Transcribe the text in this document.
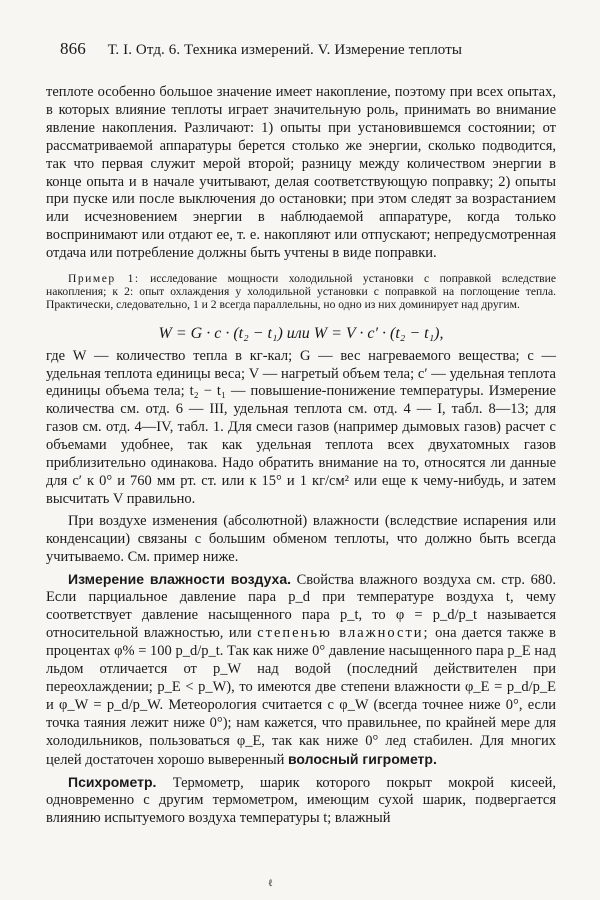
866 Т. I. Отд. 6. Техника измерений. V. Измерение теплоты

теплоте особенно большое значение имеет накопление, поэтому при всех опытах, в которых влияние теплоты играет значительную роль, принимать во внимание явление накопления. Различают: 1) опыты при установившемся состоянии; от рассматриваемой аппаратуры берется столько же энергии, сколько подводится, так что первая служит мерой второй; разницу между количеством энергии в конце опыта и в начале учитывают, делая соответствующую поправку; 2) опыты при пуске или после выключения до остановки; при этом следят за возрастанием или исчезновением энергии в наблюдаемой аппаратуре, когда только воспринимают или отдают ее, т. е. накопляют или отпускают; непредусмотренная отдача или потребление должны быть учтены в виде поправки.

Пример 1: исследование мощности холодильной установки с поправкой вследствие накопления; к 2: опыт охлаждения у холодильной установки с поправкой на поглощение тепла. Практически, следовательно, 1 и 2 всегда параллельны, но одно из них доминирует над другим.

W = G · c · (t₂ − t₁) или W = V · c′ · (t₂ − t₁),

где W — количество тепла в кг-кал; G — вес нагреваемого вещества; c — удельная теплота единицы веса; V — нагретый объем тела; c′ — удельная теплота единицы объема тела; t₂ − t₁ — повышение-понижение температуры. Измерение количества см. отд. 6 — III, удельная теплота см. отд. 4 — I, табл. 8—13; для газов см. отд. 4—IV, табл. 1. Для смеси газов (например дымовых газов) расчет с объемами удобнее, так как удельная теплота всех двухатомных газов приблизительно одинакова. Надо обратить внимание на то, относятся ли данные для c′ к 0° и 760 мм рт. ст. или к 15° и 1 кг/см² или еще к чему-нибудь, и затем высчитать V правильно.

При воздухе изменения (абсолютной) влажности (вследствие испарения или конденсации) связаны с большим обменом теплоты, что должно быть всегда учитываемо. См. пример ниже.

Измерение влажности воздуха. Свойства влажного воздуха см. стр. 680. Если парциальное давление пара p_d при температуре воздуха t, чему соответствует давление насыщенного пара p_t, то φ = p_d/p_t называется относительной влажностью, или степенью влажности; она дается также в процентах φ% = 100 p_d/p_t. Так как ниже 0° давление насыщенного пара p_E над льдом отличается от p_W над водой (последний действителен при переохлаждении; p_E < p_W), то имеются две степени влажности φ_E = p_d/p_E и φ_W = p_d/p_W. Метеорология считается с φ_W (всегда точнее ниже 0°, если точка таяния лежит ниже 0°); нам кажется, что правильнее, по крайней мере для холодильников, пользоваться φ_E, так как ниже 0° лед стабилен. Для многих целей достаточен хорошо выверенный волосный гигрометр.

Психрометр. Термометр, шарик которого покрыт мокрой кисеей, одновременно с другим термометром, имеющим сухой шарик, подвергается влиянию испытуемого воздуха температуры t; влажный

ℓ
